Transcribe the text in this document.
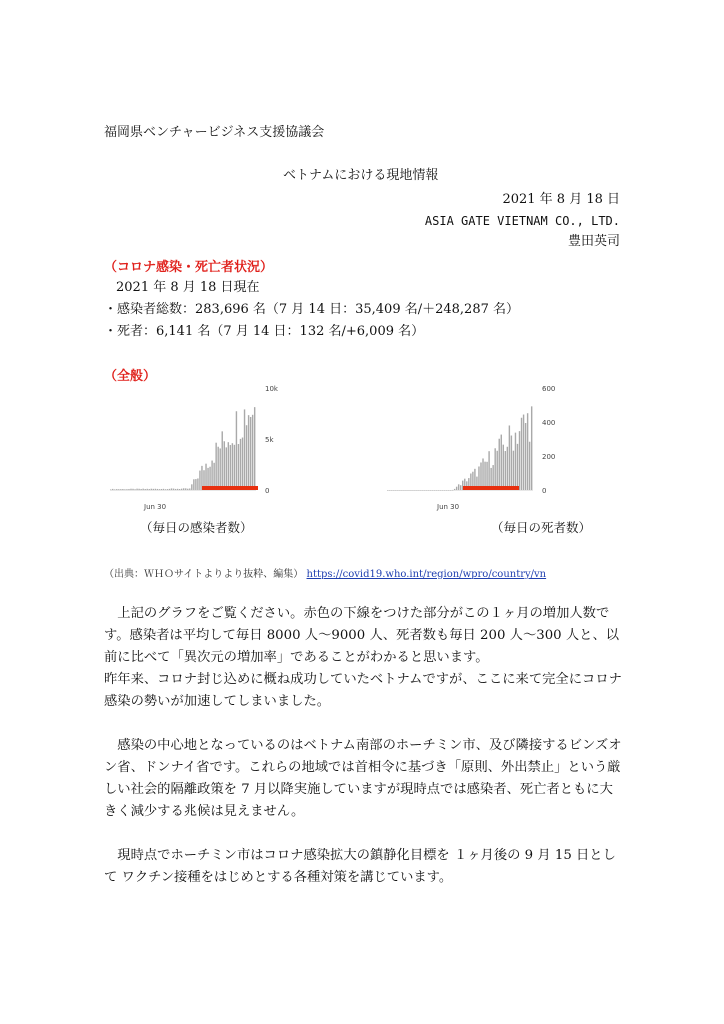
福岡県ベンチャービジネス支援協議会

ベトナムにおける現地情報

2021 年 8 月 18 日

ASIA GATE VIETNAM CO., LTD.

豊田英司

（コロナ感染・死亡者状況）

2021 年 8 月 18 日現在

・感染者総数：283,696 名（7 月 14 日：35,409 名/＋248,287 名）

・死者：6,141 名（7 月 14 日：132 名/+6,009 名）

（全般）

10k
5k
0
Jun 30
600
400
200
0
Jun 30

（毎日の感染者数）	（毎日の死者数）

（出典：ＷＨＯサイトよりより抜粋、編集） https://covid19.who.int/region/wpro/country/vn

　上記のグラフをご覧ください。赤色の下線をつけた部分がこの１ヶ月の増加人数です。感染者は平均して毎日 8000 人～9000 人、死者数も毎日 200 人～300 人と、以前に比べて「異次元の増加率」であることがわかると思います。

昨年来、コロナ封じ込めに概ね成功していたベトナムですが、ここに来て完全にコロナ感染の勢いが加速してしまいました。

　感染の中心地となっているのはベトナム南部のホーチミン市、及び隣接するビンズオン省、ドンナイ省です。これらの地域では首相令に基づき「原則、外出禁止」という厳しい社会的隔離政策を 7 月以降実施していますが現時点では感染者、死亡者ともに大きく減少する兆候は見えません。

　現時点でホーチミン市はコロナ感染拡大の鎮静化目標を １ヶ月後の 9 月 15 日として ワクチン接種をはじめとする各種対策を講じています。
